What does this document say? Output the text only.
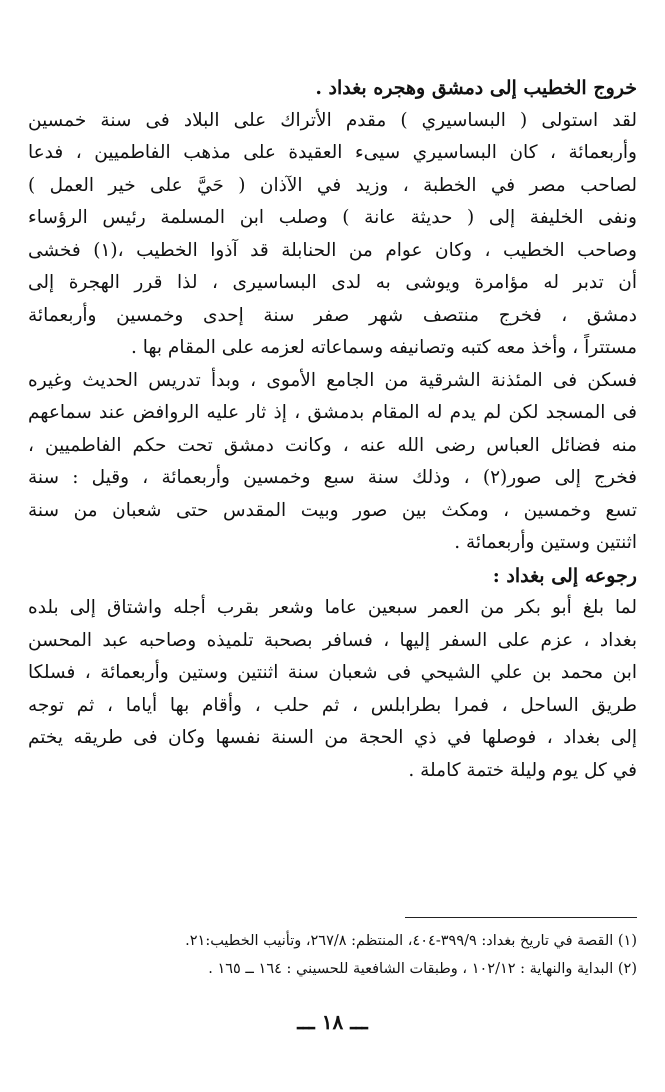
خروج الخطيب إلى دمشق وهجره بغداد .
لقد استولى ( البساسيري ) مقدم الأتراك على البلاد فى سنة خمسين
وأربعمائة ، كان البساسيري سيىء العقيدة على مذهب الفاطميين ، فدعا
لصاحب مصر في الخطبة ، وزيد في الآذان ( حَيَّ على خير العمل )
ونفى الخليفة إلى ( حديثة عانة ) وصلب ابن المسلمة رئيس الرؤساء
وصاحب الخطيب ، وكان عوام من الحنابلة قد آذوا الخطيب ،(١) فخشى
أن تدبر له مؤامرة ويوشى به لدى البساسيرى ، لذا قرر الهجرة إلى
دمشق ، فخرج منتصف شهر صفر سنة إحدى وخمسين وأربعمائة
مستتراً ، وأخذ معه كتبه وتصانيفه وسماعاته لعزمه على المقام بها .
فسكن فى المئذنة الشرقية من الجامع الأموى ، وبدأ تدريس الحديث وغيره
فى المسجد لكن لم يدم له المقام بدمشق ، إذ ثار عليه الروافض عند سماعهم
منه فضائل العباس رضى الله عنه ، وكانت دمشق تحت حكم الفاطميين ،
فخرج إلى صور(٢) ، وذلك سنة سبع وخمسين وأربعمائة ، وقيل : سنة
تسع وخمسين ، ومكث بين صور وبيت المقدس حتى شعبان من سنة
اثنتين وستين وأربعمائة .
رجوعه إلى بغداد :
لما بلغ أبو بكر من العمر سبعين عاما وشعر بقرب أجله واشتاق إلى بلده
بغداد ، عزم على السفر إليها ، فسافر بصحبة تلميذه وصاحبه عبد المحسن
ابن محمد بن علي الشيحي فى شعبان سنة اثنتين وستين وأربعمائة ، فسلكا
طريق الساحل ، فمرا بطرابلس ، ثم حلب ، وأقام بها أياما ، ثم توجه
إلى بغداد ، فوصلها في ذي الحجة من السنة نفسها وكان فى طريقه يختم
في كل يوم وليلة ختمة كاملة .
(١) القصة في تاريخ بغداد: ٣٩٩/٩-٤٠٤، المنتظم: ٢٦٧/٨، وتأنيب الخطيب:٢١.
(٢) البداية والنهاية : ١٠٢/١٢ ، وطبقات الشافعية للحسيني : ١٦٤ ــ ١٦٥ .
ـــ ١٨ ـــ
